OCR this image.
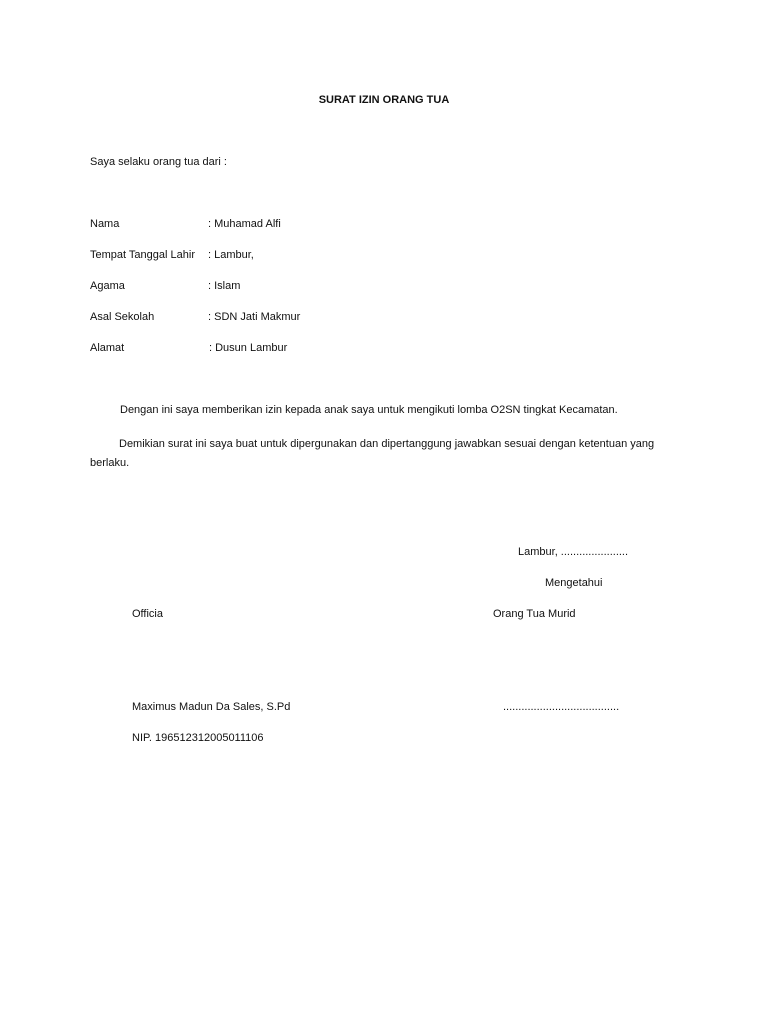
SURAT IZIN ORANG TUA
Saya selaku orang tua dari :
Nama	: Muhamad Alfi
Tempat Tanggal Lahir : Lambur,
Agama	: Islam
Asal Sekolah	: SDN Jati Makmur
Alamat	: Dusun Lambur
Dengan ini saya memberikan izin kepada anak saya untuk mengikuti lomba O2SN tingkat Kecamatan.
Demikian surat ini saya buat untuk dipergunakan dan dipertanggung jawabkan sesuai dengan ketentuan yang berlaku.
Lambur, ......................
Mengetahui
Officia	Orang Tua Murid
Maximus Madun Da Sales, S.Pd	......................................
NIP. 196512312005011106
